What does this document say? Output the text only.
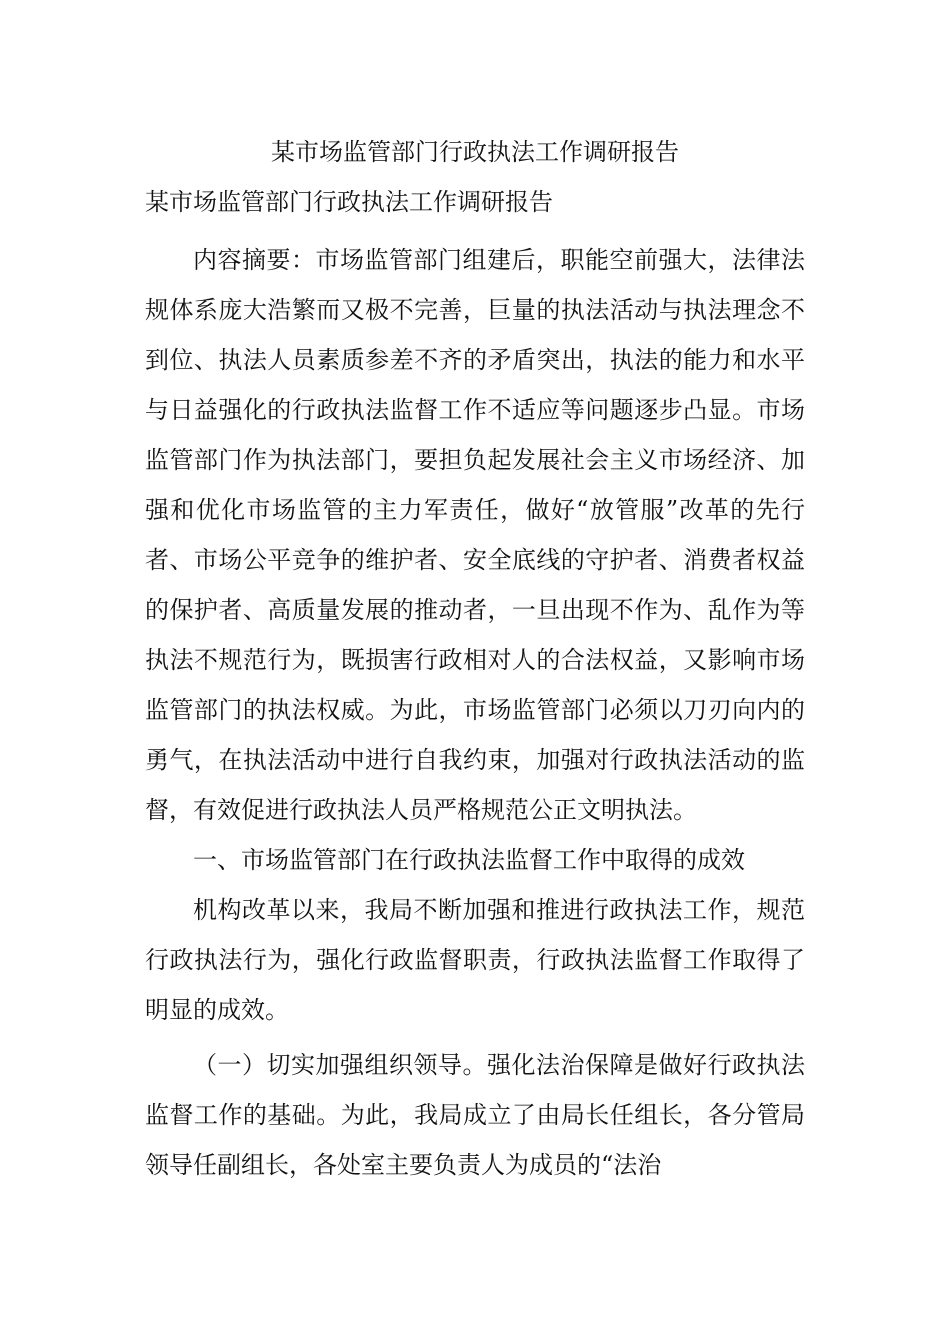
某市场监管部门行政执法工作调研报告
某市场监管部门行政执法工作调研报告

内容摘要：市场监管部门组建后，职能空前强大，法律法规体系庞大浩繁而又极不完善，巨量的执法活动与执法理念不到位、执法人员素质参差不齐的矛盾突出，执法的能力和水平与日益强化的行政执法监督工作不适应等问题逐步凸显。市场监管部门作为执法部门，要担负起发展社会主义市场经济、加强和优化市场监管的主力军责任，做好“放管服”改革的先行者、市场公平竞争的维护者、安全底线的守护者、消费者权益的保护者、高质量发展的推动者，一旦出现不作为、乱作为等执法不规范行为，既损害行政相对人的合法权益，又影响市场监管部门的执法权威。为此，市场监管部门必须以刀刃向内的勇气，在执法活动中进行自我约束，加强对行政执法活动的监督，有效促进行政执法人员严格规范公正文明执法。

一、市场监管部门在行政执法监督工作中取得的成效

机构改革以来，我局不断加强和推进行政执法工作，规范行政执法行为，强化行政监督职责，行政执法监督工作取得了明显的成效。

（一）切实加强组织领导。强化法治保障是做好行政执法监督工作的基础。为此，我局成立了由局长任组长，各分管局领导任副组长，各处室主要负责人为成员的“法治
